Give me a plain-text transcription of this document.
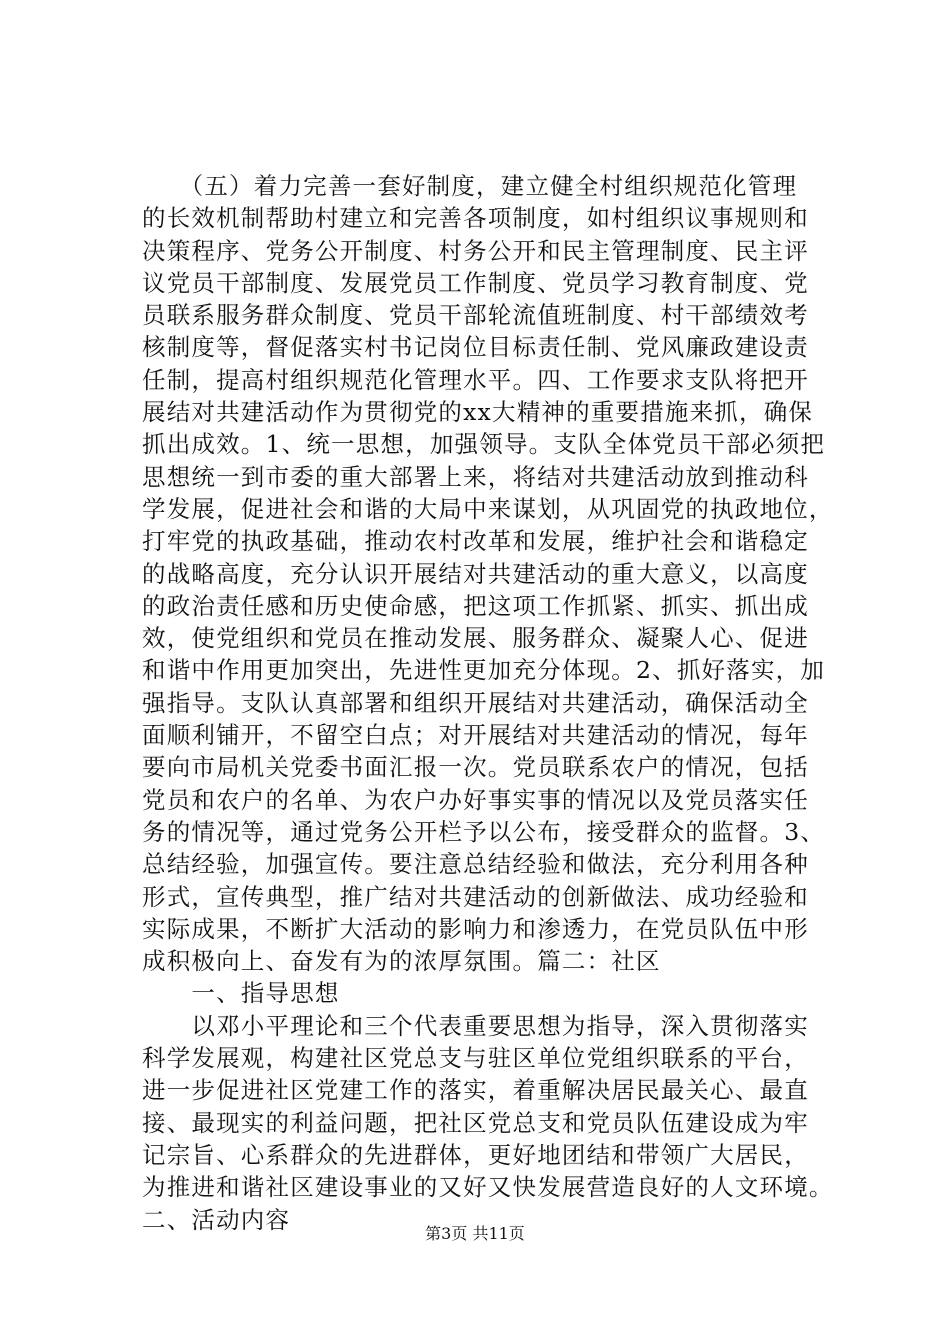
　　（五）着力完善一套好制度，建立健全村组织规范化管理
的长效机制帮助村建立和完善各项制度，如村组织议事规则和
决策程序、党务公开制度、村务公开和民主管理制度、民主评
议党员干部制度、发展党员工作制度、党员学习教育制度、党
员联系服务群众制度、党员干部轮流值班制度、村干部绩效考
核制度等，督促落实村书记岗位目标责任制、党风廉政建设责
任制，提高村组织规范化管理水平。四、工作要求支队将把开
展结对共建活动作为贯彻党的xx大精神的重要措施来抓，确保
抓出成效。1、统一思想，加强领导。支队全体党员干部必须把
思想统一到市委的重大部署上来，将结对共建活动放到推动科
学发展，促进社会和谐的大局中来谋划，从巩固党的执政地位，
打牢党的执政基础，推动农村改革和发展，维护社会和谐稳定
的战略高度，充分认识开展结对共建活动的重大意义，以高度
的政治责任感和历史使命感，把这项工作抓紧、抓实、抓出成
效，使党组织和党员在推动发展、服务群众、凝聚人心、促进
和谐中作用更加突出，先进性更加充分体现。2、抓好落实，加
强指导。支队认真部署和组织开展结对共建活动，确保活动全
面顺利铺开，不留空白点；对开展结对共建活动的情况，每年
要向市局机关党委书面汇报一次。党员联系农户的情况，包括
党员和农户的名单、为农户办好事实事的情况以及党员落实任
务的情况等，通过党务公开栏予以公布，接受群众的监督。3、
总结经验，加强宣传。要注意总结经验和做法，充分利用各种
形式，宣传典型，推广结对共建活动的创新做法、成功经验和
实际成果，不断扩大活动的影响力和渗透力，在党员队伍中形
成积极向上、奋发有为的浓厚氛围。篇二：社区
　　一、指导思想
　　以邓小平理论和三个代表重要思想为指导，深入贯彻落实
科学发展观，构建社区党总支与驻区单位党组织联系的平台，
进一步促进社区党建工作的落实，着重解决居民最关心、最直
接、最现实的利益问题，把社区党总支和党员队伍建设成为牢
记宗旨、心系群众的先进群体，更好地团结和带领广大居民，
为推进和谐社区建设事业的又好又快发展营造良好的人文环境。
二、活动内容	第3页 共11页
